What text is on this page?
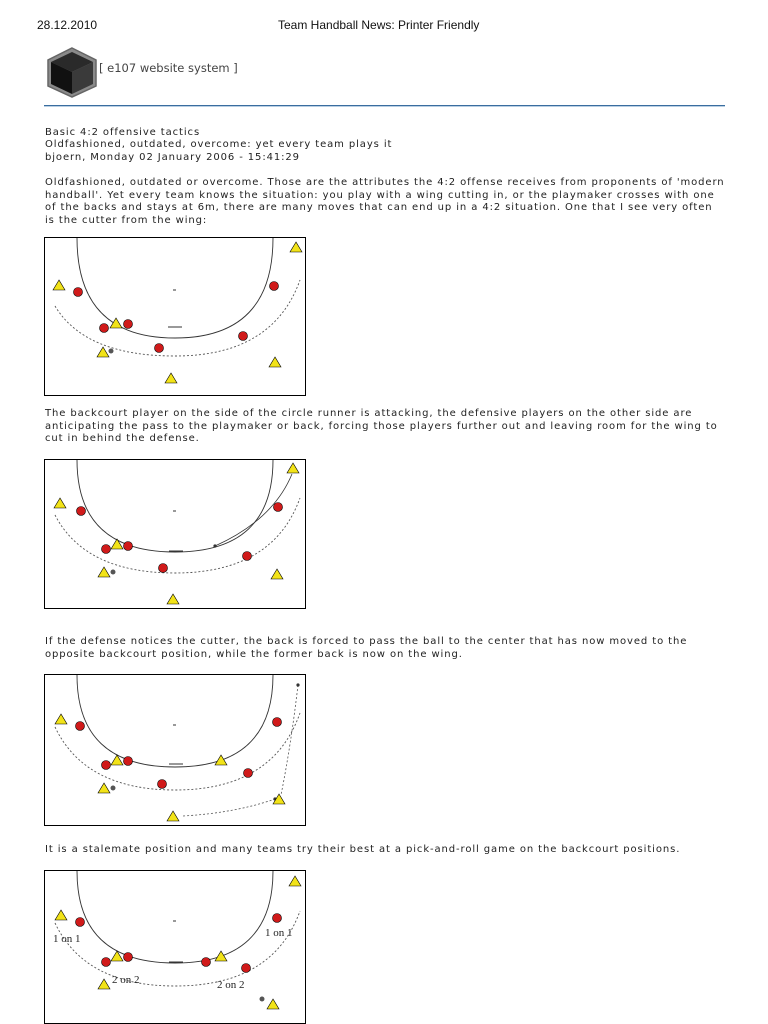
28.12.2010	Team Handball News: Printer Friendly
[ e107 website system ]
Basic 4:2 offensive tactics
Oldfashioned, outdated, overcome: yet every team plays it
bjoern, Monday 02 January 2006 - 15:41:29
Oldfashioned, outdated or overcome. Those are the attributes the 4:2 offense receives from proponents of 'modern handball'. Yet every team knows the situation: you play with a wing cutting in, or the playmaker crosses with one of the backs and stays at 6m, there are many moves that can end up in a 4:2 situation. One that I see very often is the cutter from the wing:
The backcourt player on the side of the circle runner is attacking, the defensive players on the other side are anticipating the pass to the playmaker or back, forcing those players further out and leaving room for the wing to cut in behind the defense.
If the defense notices the cutter, the back is forced to pass the ball to the center that has now moved to the opposite backcourt position, while the former back is now on the wing.
It is a stalemate position and many teams try their best at a pick-and-roll game on the backcourt positions.
1 on 1	1 on 1
2 on 2	2 on 2
